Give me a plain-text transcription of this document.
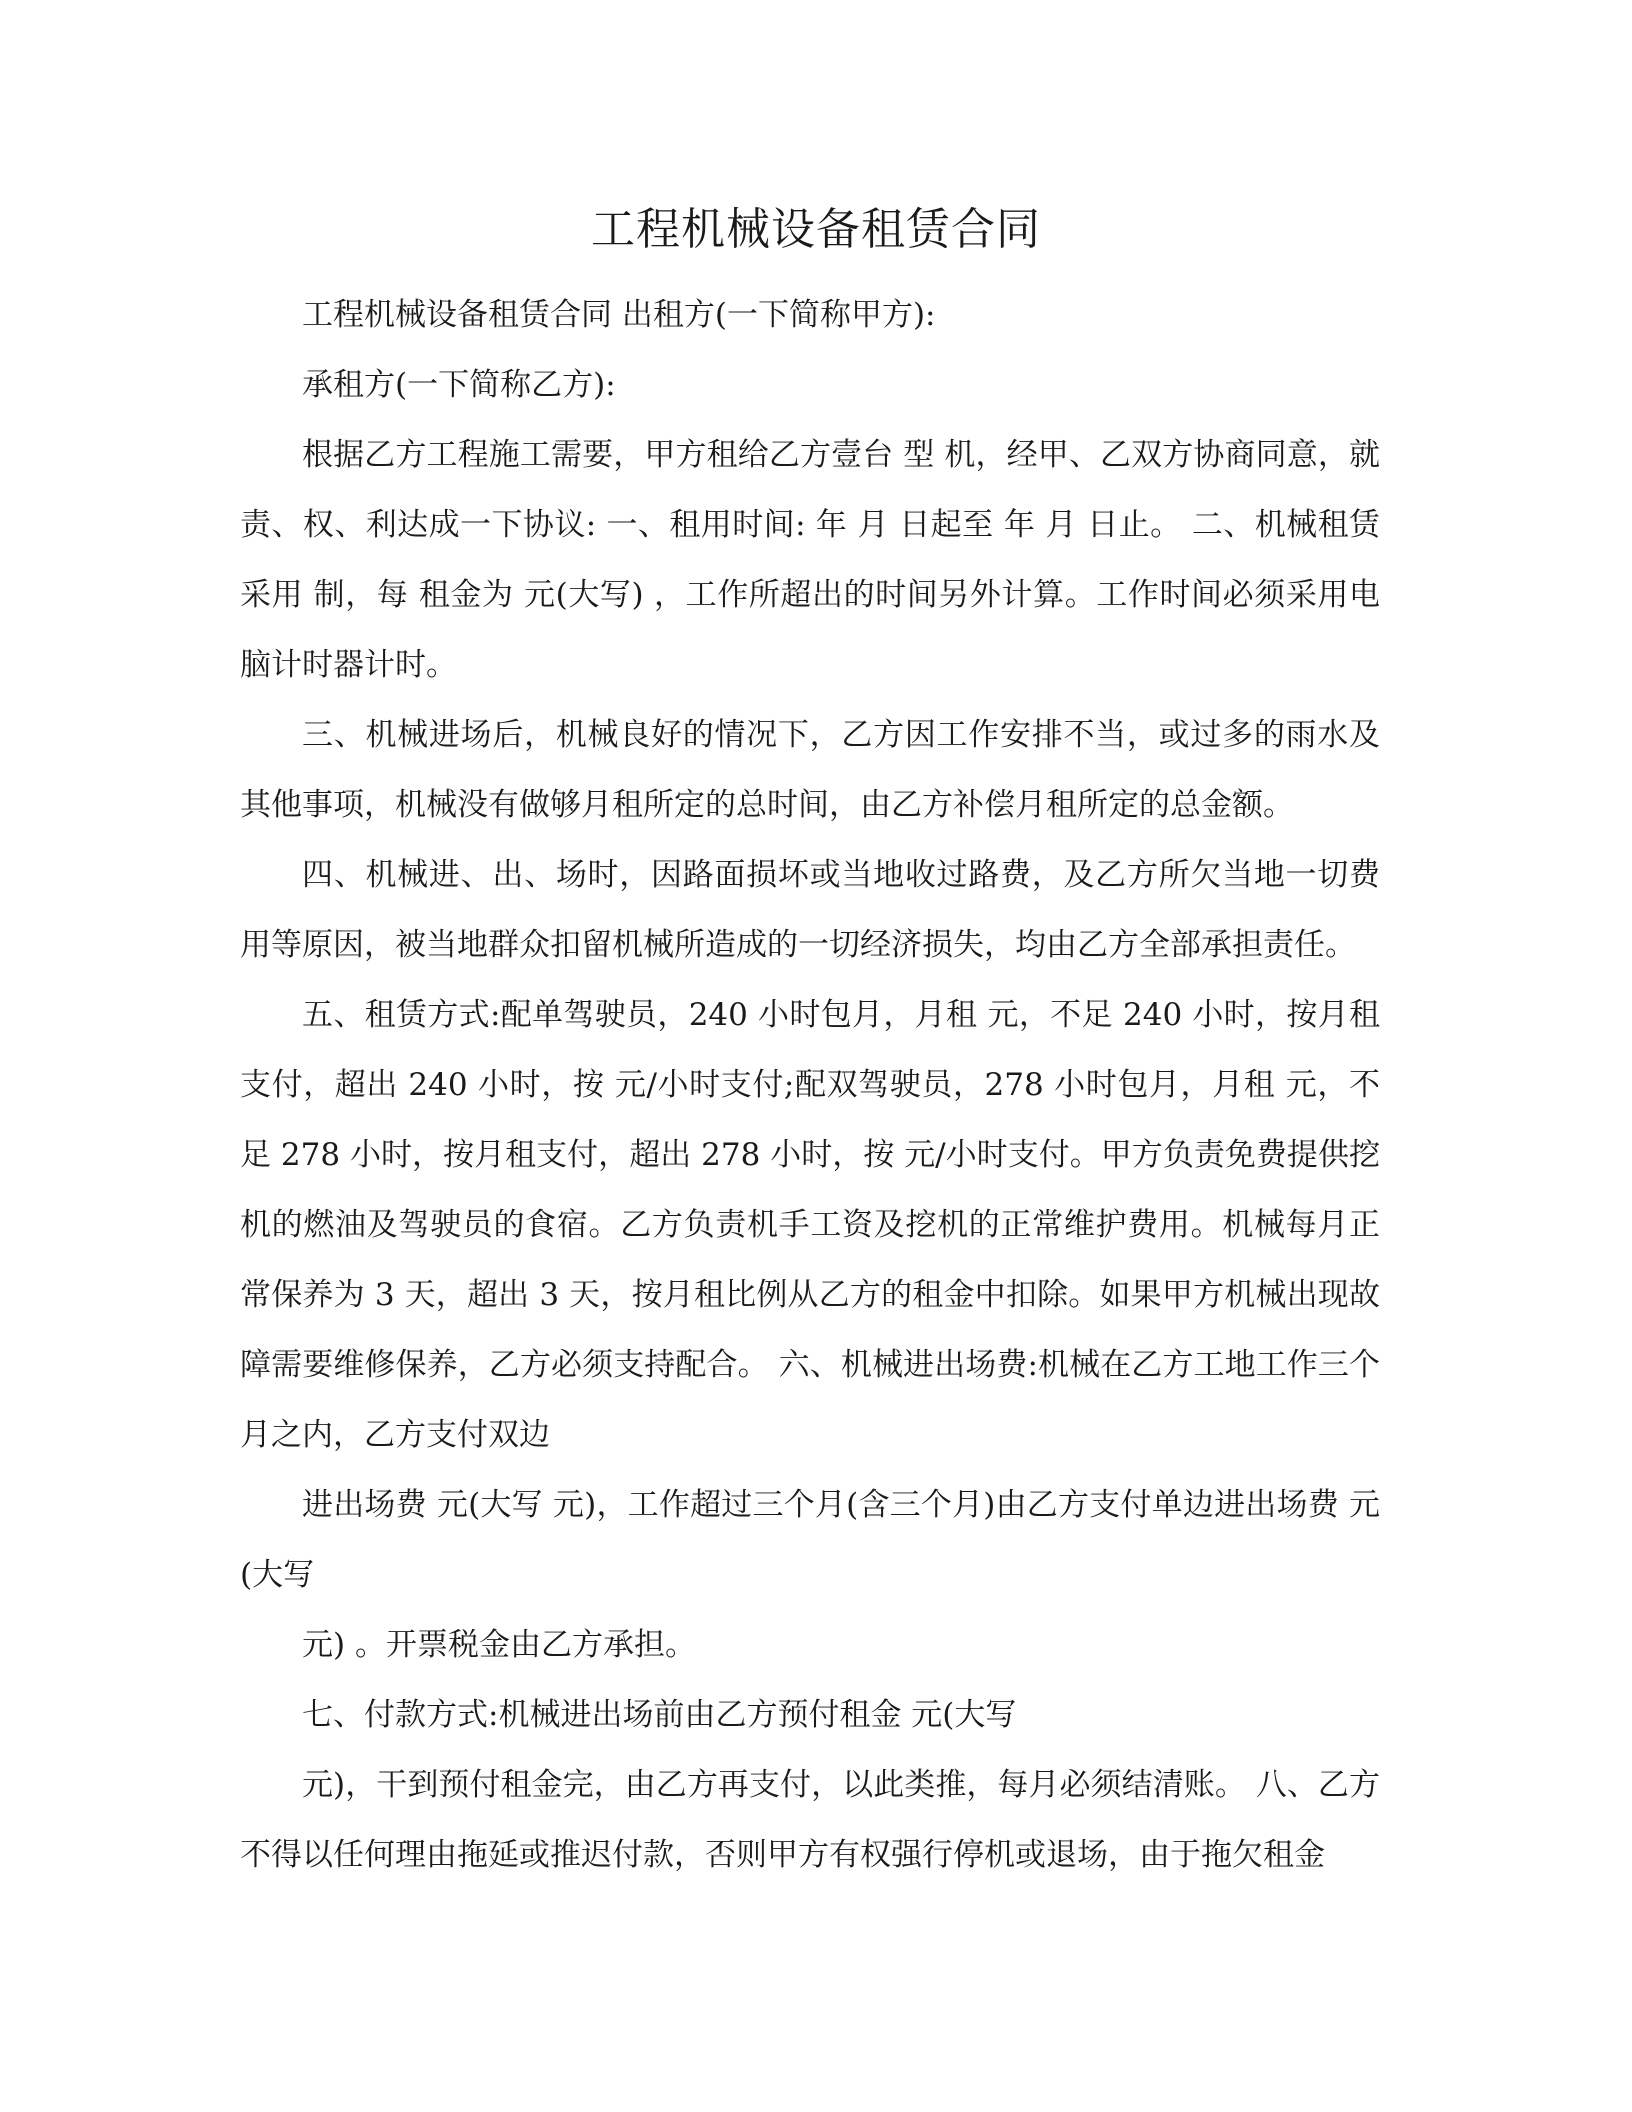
工程机械设备租赁合同

工程机械设备租赁合同 出租方(一下简称甲方):

承租方(一下简称乙方):

根据乙方工程施工需要，甲方租给乙方壹台 型 机，经甲、乙双方协商同意，就责、权、利达成一下协议: 一、租用时间: 年 月 日起至 年 月 日止。 二、机械租赁采用 制，每 租金为 元(大写) ，工作所超出的时间另外计算。工作时间必须采用电脑计时器计时。

三、机械进场后，机械良好的情况下，乙方因工作安排不当，或过多的雨水及其他事项，机械没有做够月租所定的总时间，由乙方补偿月租所定的总金额。

四、机械进、出、场时，因路面损坏或当地收过路费，及乙方所欠当地一切费用等原因，被当地群众扣留机械所造成的一切经济损失，均由乙方全部承担责任。

五、租赁方式:配单驾驶员，240 小时包月，月租 元，不足 240 小时，按月租支付，超出 240 小时，按 元/小时支付;配双驾驶员，278 小时包月，月租 元，不足 278 小时，按月租支付，超出 278 小时，按 元/小时支付。甲方负责免费提供挖机的燃油及驾驶员的食宿。乙方负责机手工资及挖机的正常维护费用。机械每月正常保养为 3 天，超出 3 天，按月租比例从乙方的租金中扣除。如果甲方机械出现故障需要维修保养，乙方必须支持配合。 六、机械进出场费:机械在乙方工地工作三个月之内，乙方支付双边

进出场费 元(大写 元)，工作超过三个月(含三个月)由乙方支付单边进出场费 元(大写

元) 。开票税金由乙方承担。

七、付款方式:机械进出场前由乙方预付租金 元(大写

元)，干到预付租金完，由乙方再支付，以此类推，每月必须结清账。 八、乙方不得以任何理由拖延或推迟付款，否则甲方有权强行停机或退场，由于拖欠租金
